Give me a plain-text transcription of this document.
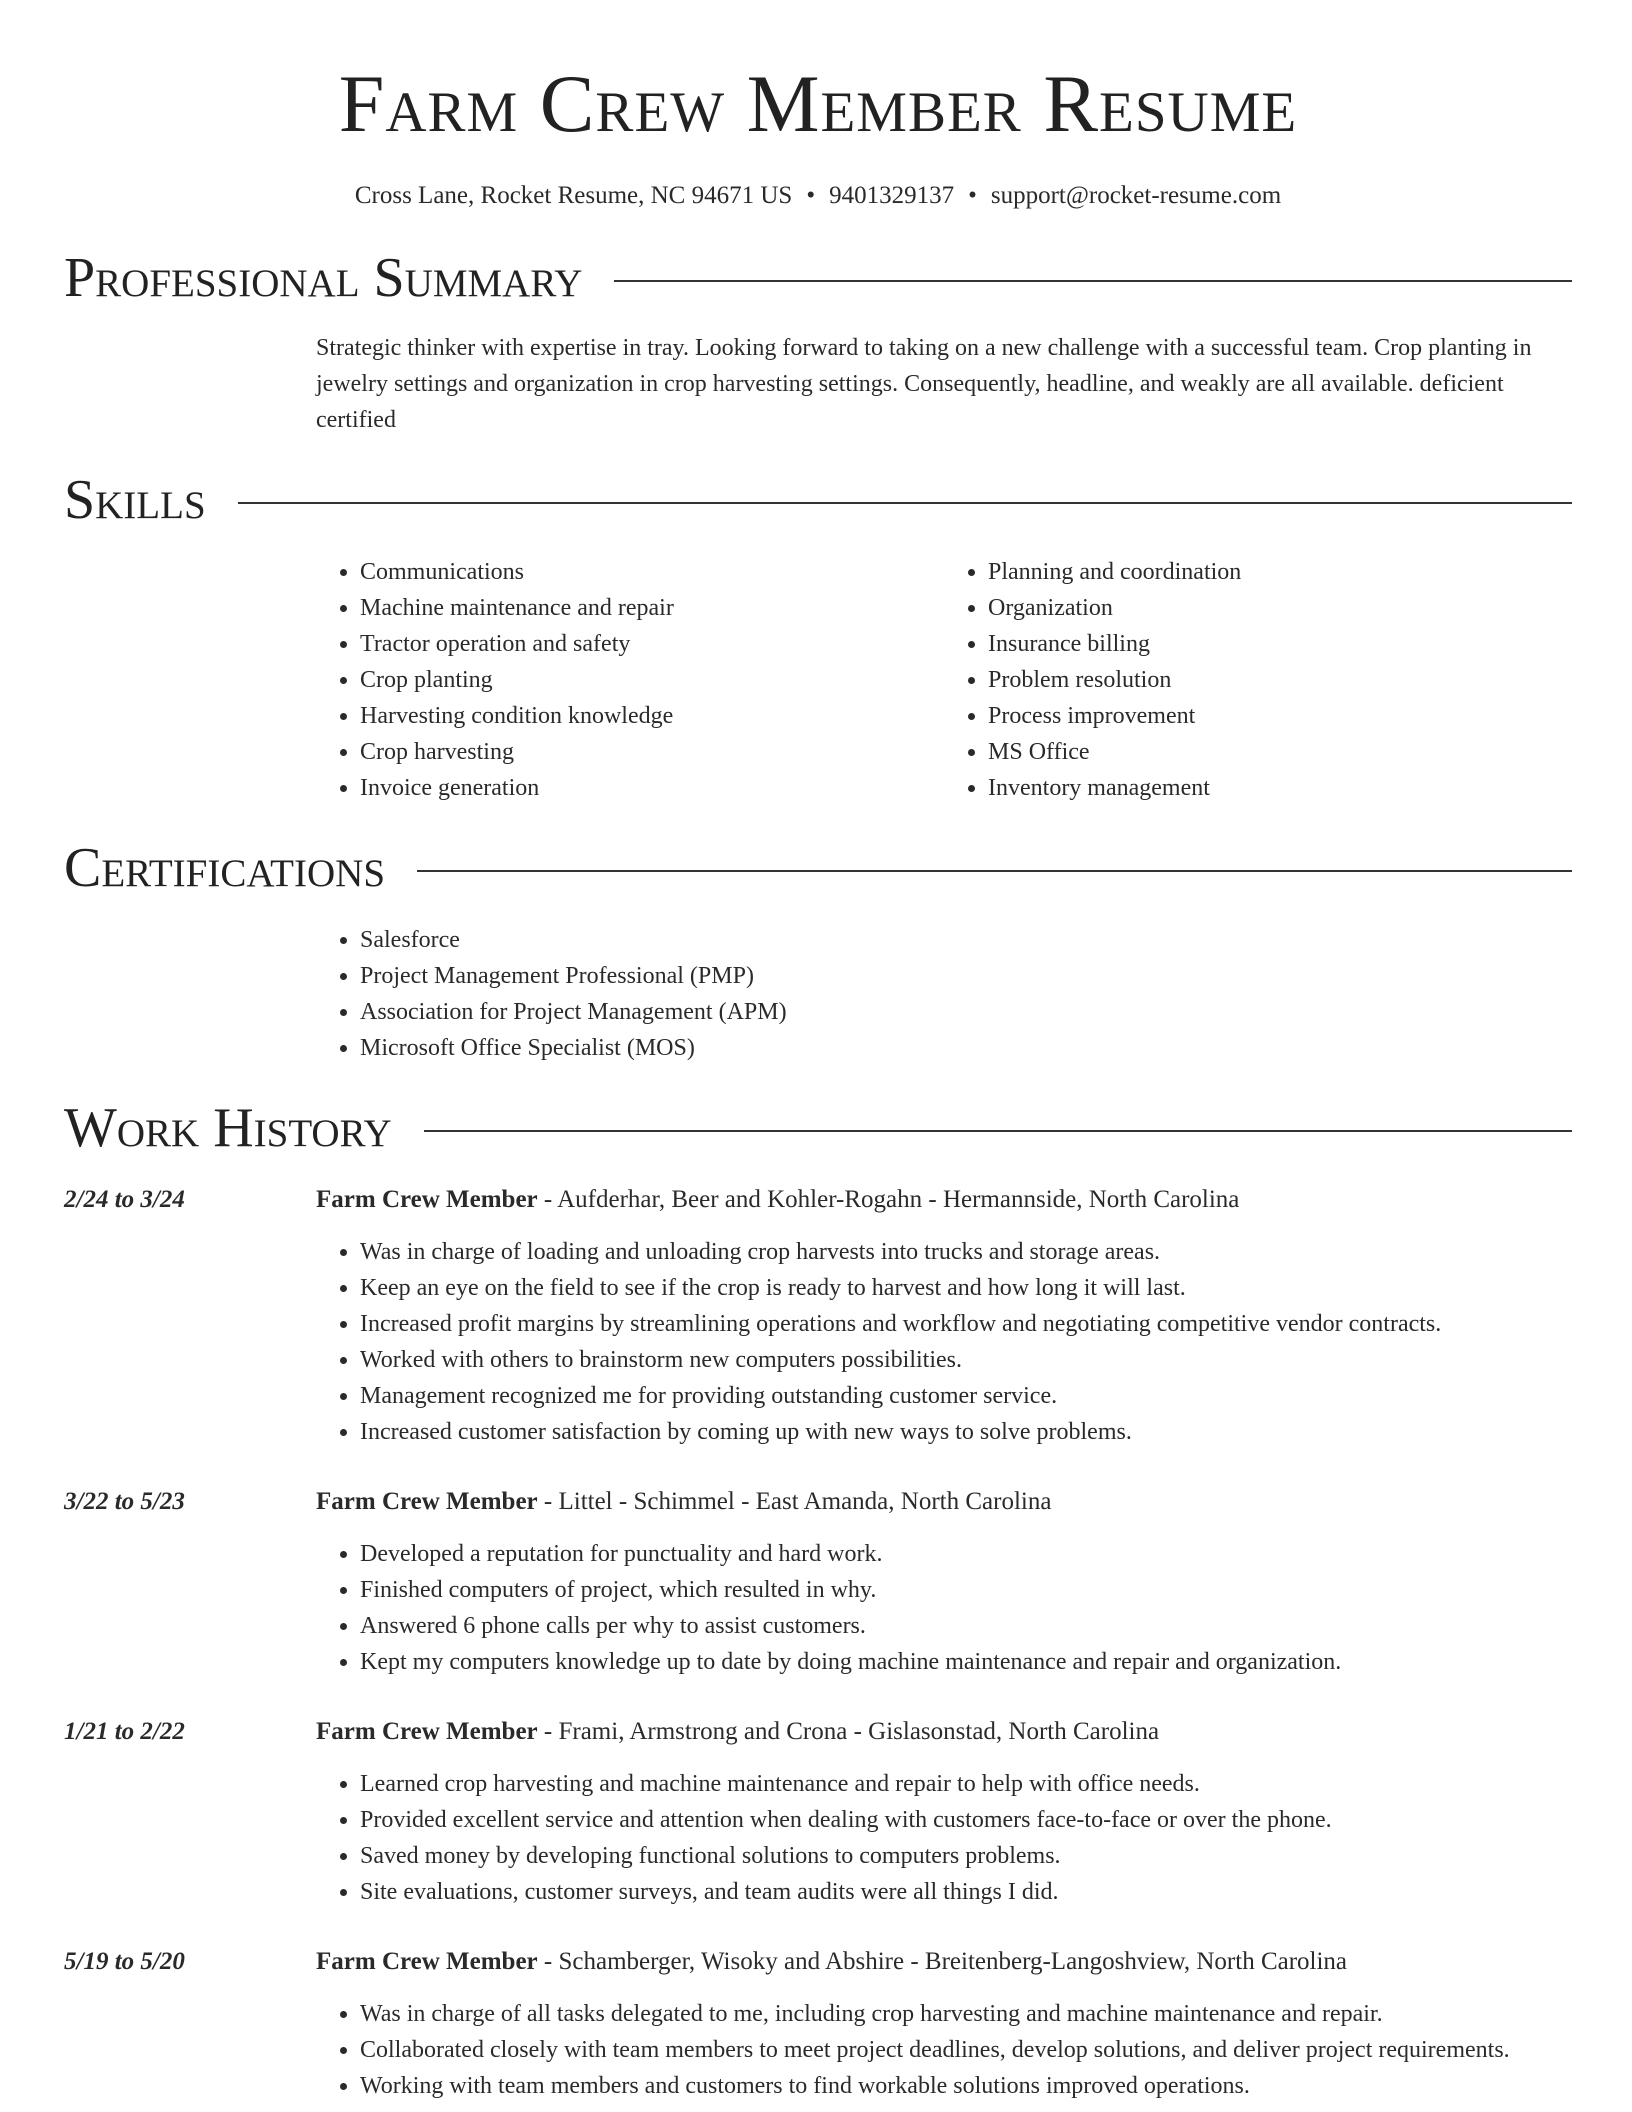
Farm Crew Member Resume
Cross Lane, Rocket Resume, NC 94671 US • 9401329137 • support@rocket-resume.com
Professional Summary
Strategic thinker with expertise in tray. Looking forward to taking on a new challenge with a successful team. Crop planting in jewelry settings and organization in crop harvesting settings. Consequently, headline, and weakly are all available. deficient certified
Skills
• Communications
• Machine maintenance and repair
• Tractor operation and safety
• Crop planting
• Harvesting condition knowledge
• Crop harvesting
• Invoice generation
• Planning and coordination
• Organization
• Insurance billing
• Problem resolution
• Process improvement
• MS Office
• Inventory management
Certifications
• Salesforce
• Project Management Professional (PMP)
• Association for Project Management (APM)
• Microsoft Office Specialist (MOS)
Work History
2/24 to 3/24	Farm Crew Member - Aufderhar, Beer and Kohler-Rogahn - Hermannside, North Carolina
• Was in charge of loading and unloading crop harvests into trucks and storage areas.
• Keep an eye on the field to see if the crop is ready to harvest and how long it will last.
• Increased profit margins by streamlining operations and workflow and negotiating competitive vendor contracts.
• Worked with others to brainstorm new computers possibilities.
• Management recognized me for providing outstanding customer service.
• Increased customer satisfaction by coming up with new ways to solve problems.
3/22 to 5/23	Farm Crew Member - Littel - Schimmel - East Amanda, North Carolina
• Developed a reputation for punctuality and hard work.
• Finished computers of project, which resulted in why.
• Answered 6 phone calls per why to assist customers.
• Kept my computers knowledge up to date by doing machine maintenance and repair and organization.
1/21 to 2/22	Farm Crew Member - Frami, Armstrong and Crona - Gislasonstad, North Carolina
• Learned crop harvesting and machine maintenance and repair to help with office needs.
• Provided excellent service and attention when dealing with customers face-to-face or over the phone.
• Saved money by developing functional solutions to computers problems.
• Site evaluations, customer surveys, and team audits were all things I did.
5/19 to 5/20	Farm Crew Member - Schamberger, Wisoky and Abshire - Breitenberg-Langoshview, North Carolina
• Was in charge of all tasks delegated to me, including crop harvesting and machine maintenance and repair.
• Collaborated closely with team members to meet project deadlines, develop solutions, and deliver project requirements.
• Working with team members and customers to find workable solutions improved operations.
